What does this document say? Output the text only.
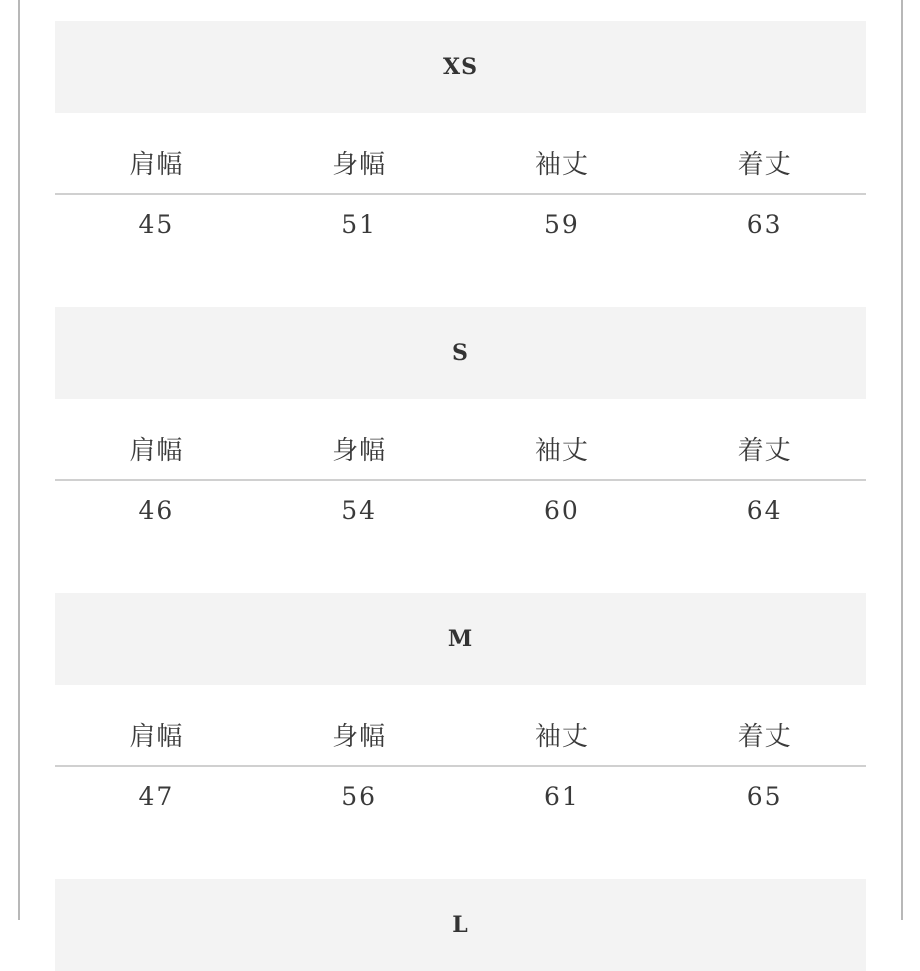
XS
肩幅	身幅	袖丈	着丈
45	51	59	63
S
肩幅	身幅	袖丈	着丈
46	54	60	64
M
肩幅	身幅	袖丈	着丈
47	56	61	65
L
